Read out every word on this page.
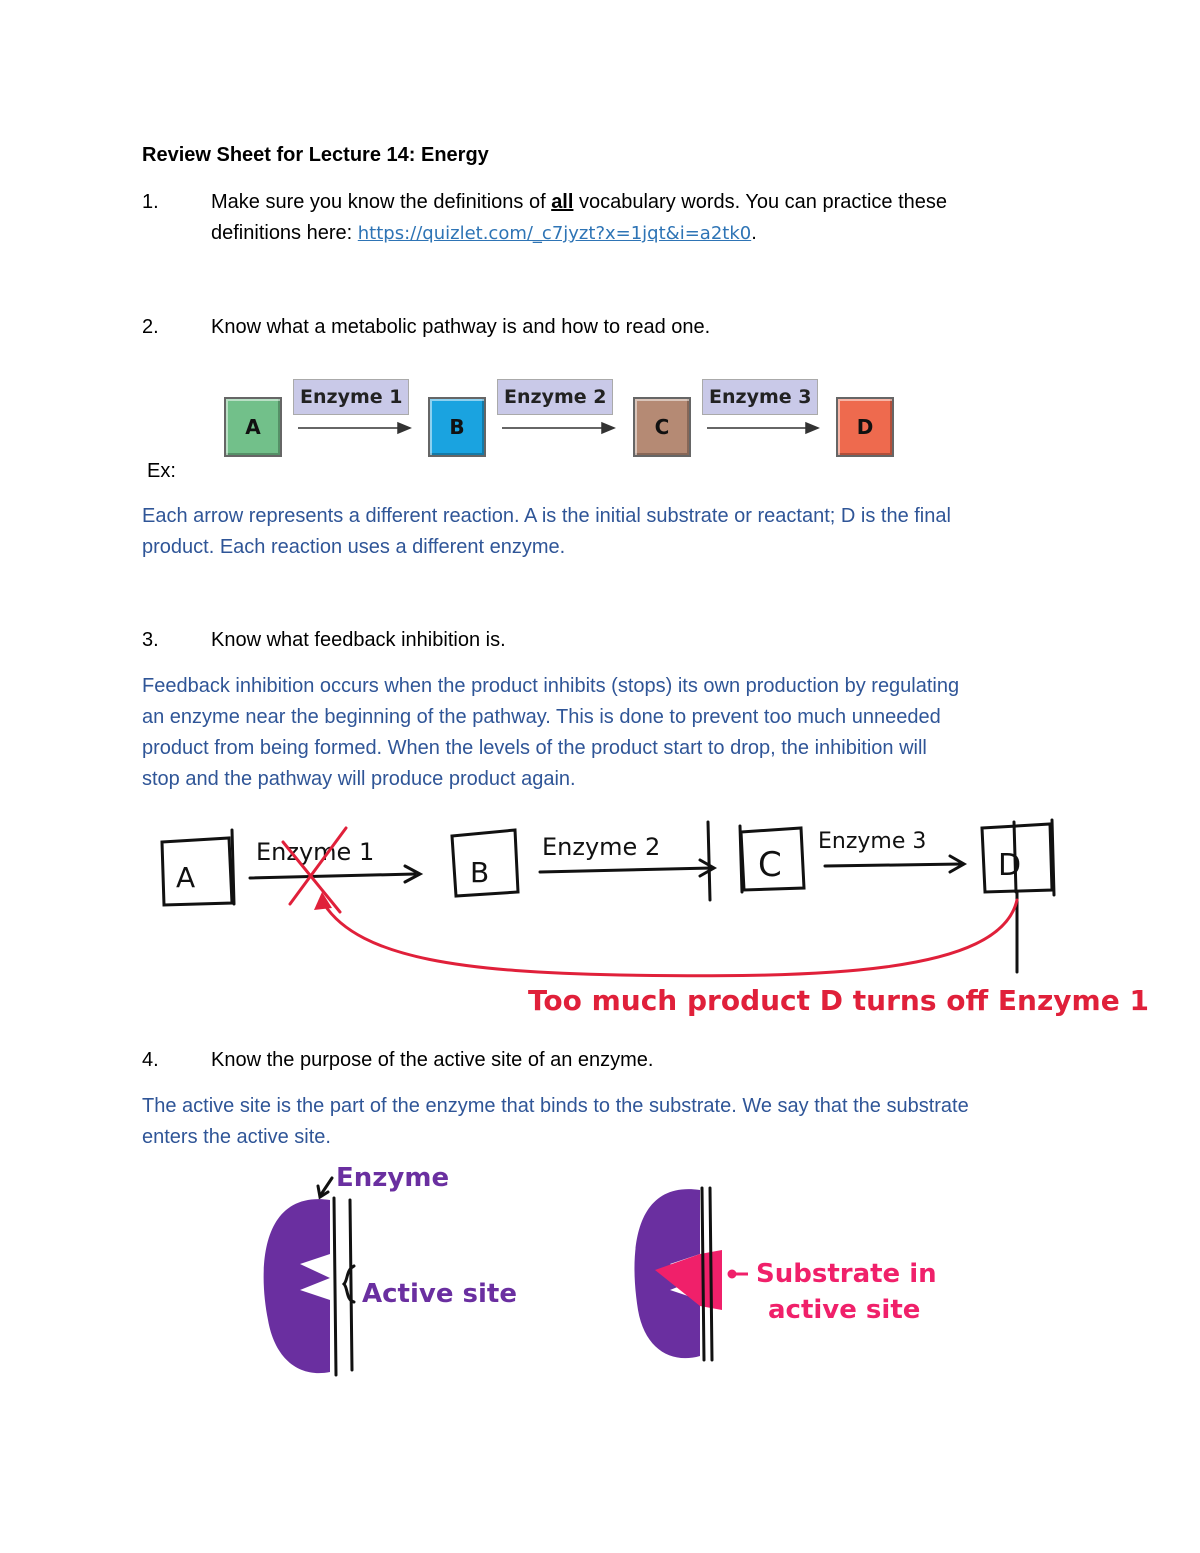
Review Sheet for Lecture 14: Energy
1.	Make sure you know the definitions of all vocabulary words. You can practice these
definitions here: https://quizlet.com/_c7jyzt?x=1jqt&i=a2tk0.
2.	Know what a metabolic pathway is and how to read one.
A	B	C	D
Enzyme 1	Enzyme 2	Enzyme 3
Ex:
Each arrow represents a different reaction. A is the initial substrate or reactant; D is the final
product. Each reaction uses a different enzyme.
3.	Know what feedback inhibition is.
Feedback inhibition occurs when the product inhibits (stops) its own production by regulating
an enzyme near the beginning of the pathway. This is done to prevent too much unneeded
product from being formed. When the levels of the product start to drop, the inhibition will
stop and the pathway will produce product again.
Enzyme 1	Enzyme 2	Enzyme 3
A	B	C	D
Too much product D turns off Enzyme 1
4.	Know the purpose of the active site of an enzyme.
The active site is the part of the enzyme that binds to the substrate. We say that the substrate
enters the active site.
Enzyme
Active site
Substrate in
active site
